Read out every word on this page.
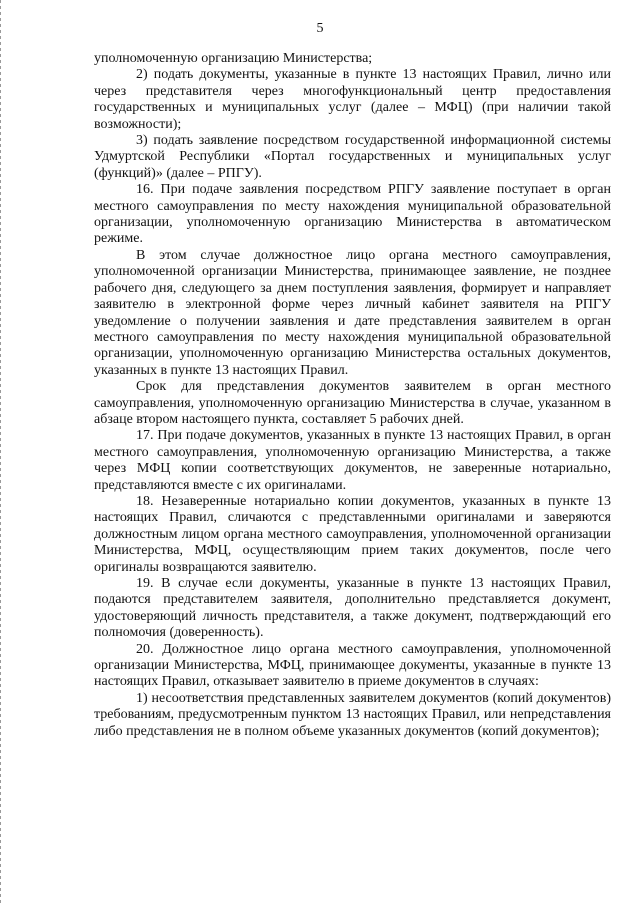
5

уполномоченную организацию Министерства;

2) подать документы, указанные в пункте 13 настоящих Правил, лично или через представителя через многофункциональный центр предоставления государственных и муниципальных услуг (далее – МФЦ) (при наличии такой возможности);

3) подать заявление посредством государственной информационной системы Удмуртской Республики «Портал государственных и муниципальных услуг (функций)» (далее – РПГУ).

16. При подаче заявления посредством РПГУ заявление поступает в орган местного самоуправления по месту нахождения муниципальной образовательной организации, уполномоченную организацию Министерства в автоматическом режиме.

В этом случае должностное лицо органа местного самоуправления, уполномоченной организации Министерства, принимающее заявление, не позднее рабочего дня, следующего за днем поступления заявления, формирует и направляет заявителю в электронной форме через личный кабинет заявителя на РПГУ уведомление о получении заявления и дате представления заявителем в орган местного самоуправления по месту нахождения муниципальной образовательной организации, уполномоченную организацию Министерства остальных документов, указанных в пункте 13 настоящих Правил.

Срок для представления документов заявителем в орган местного самоуправления, уполномоченную организацию Министерства в случае, указанном в абзаце втором настоящего пункта, составляет 5 рабочих дней.

17. При подаче документов, указанных в пункте 13 настоящих Правил, в орган местного самоуправления, уполномоченную организацию Министерства, а также через МФЦ копии соответствующих документов, не заверенные нотариально, представляются вместе с их оригиналами.

18. Незаверенные нотариально копии документов, указанных в пункте 13 настоящих Правил, сличаются с представленными оригиналами и заверяются должностным лицом органа местного самоуправления, уполномоченной организации Министерства, МФЦ, осуществляющим прием таких документов, после чего оригиналы возвращаются заявителю.

19. В случае если документы, указанные в пункте 13 настоящих Правил, подаются представителем заявителя, дополнительно представляется документ, удостоверяющий личность представителя, а также документ, подтверждающий его полномочия (доверенность).

20. Должностное лицо органа местного самоуправления, уполномоченной организации Министерства, МФЦ, принимающее документы, указанные в пункте 13 настоящих Правил, отказывает заявителю в приеме документов в случаях:

1) несоответствия представленных заявителем документов (копий документов) требованиям, предусмотренным пунктом 13 настоящих Правил, или непредставления либо представления не в полном объеме указанных документов (копий документов);
